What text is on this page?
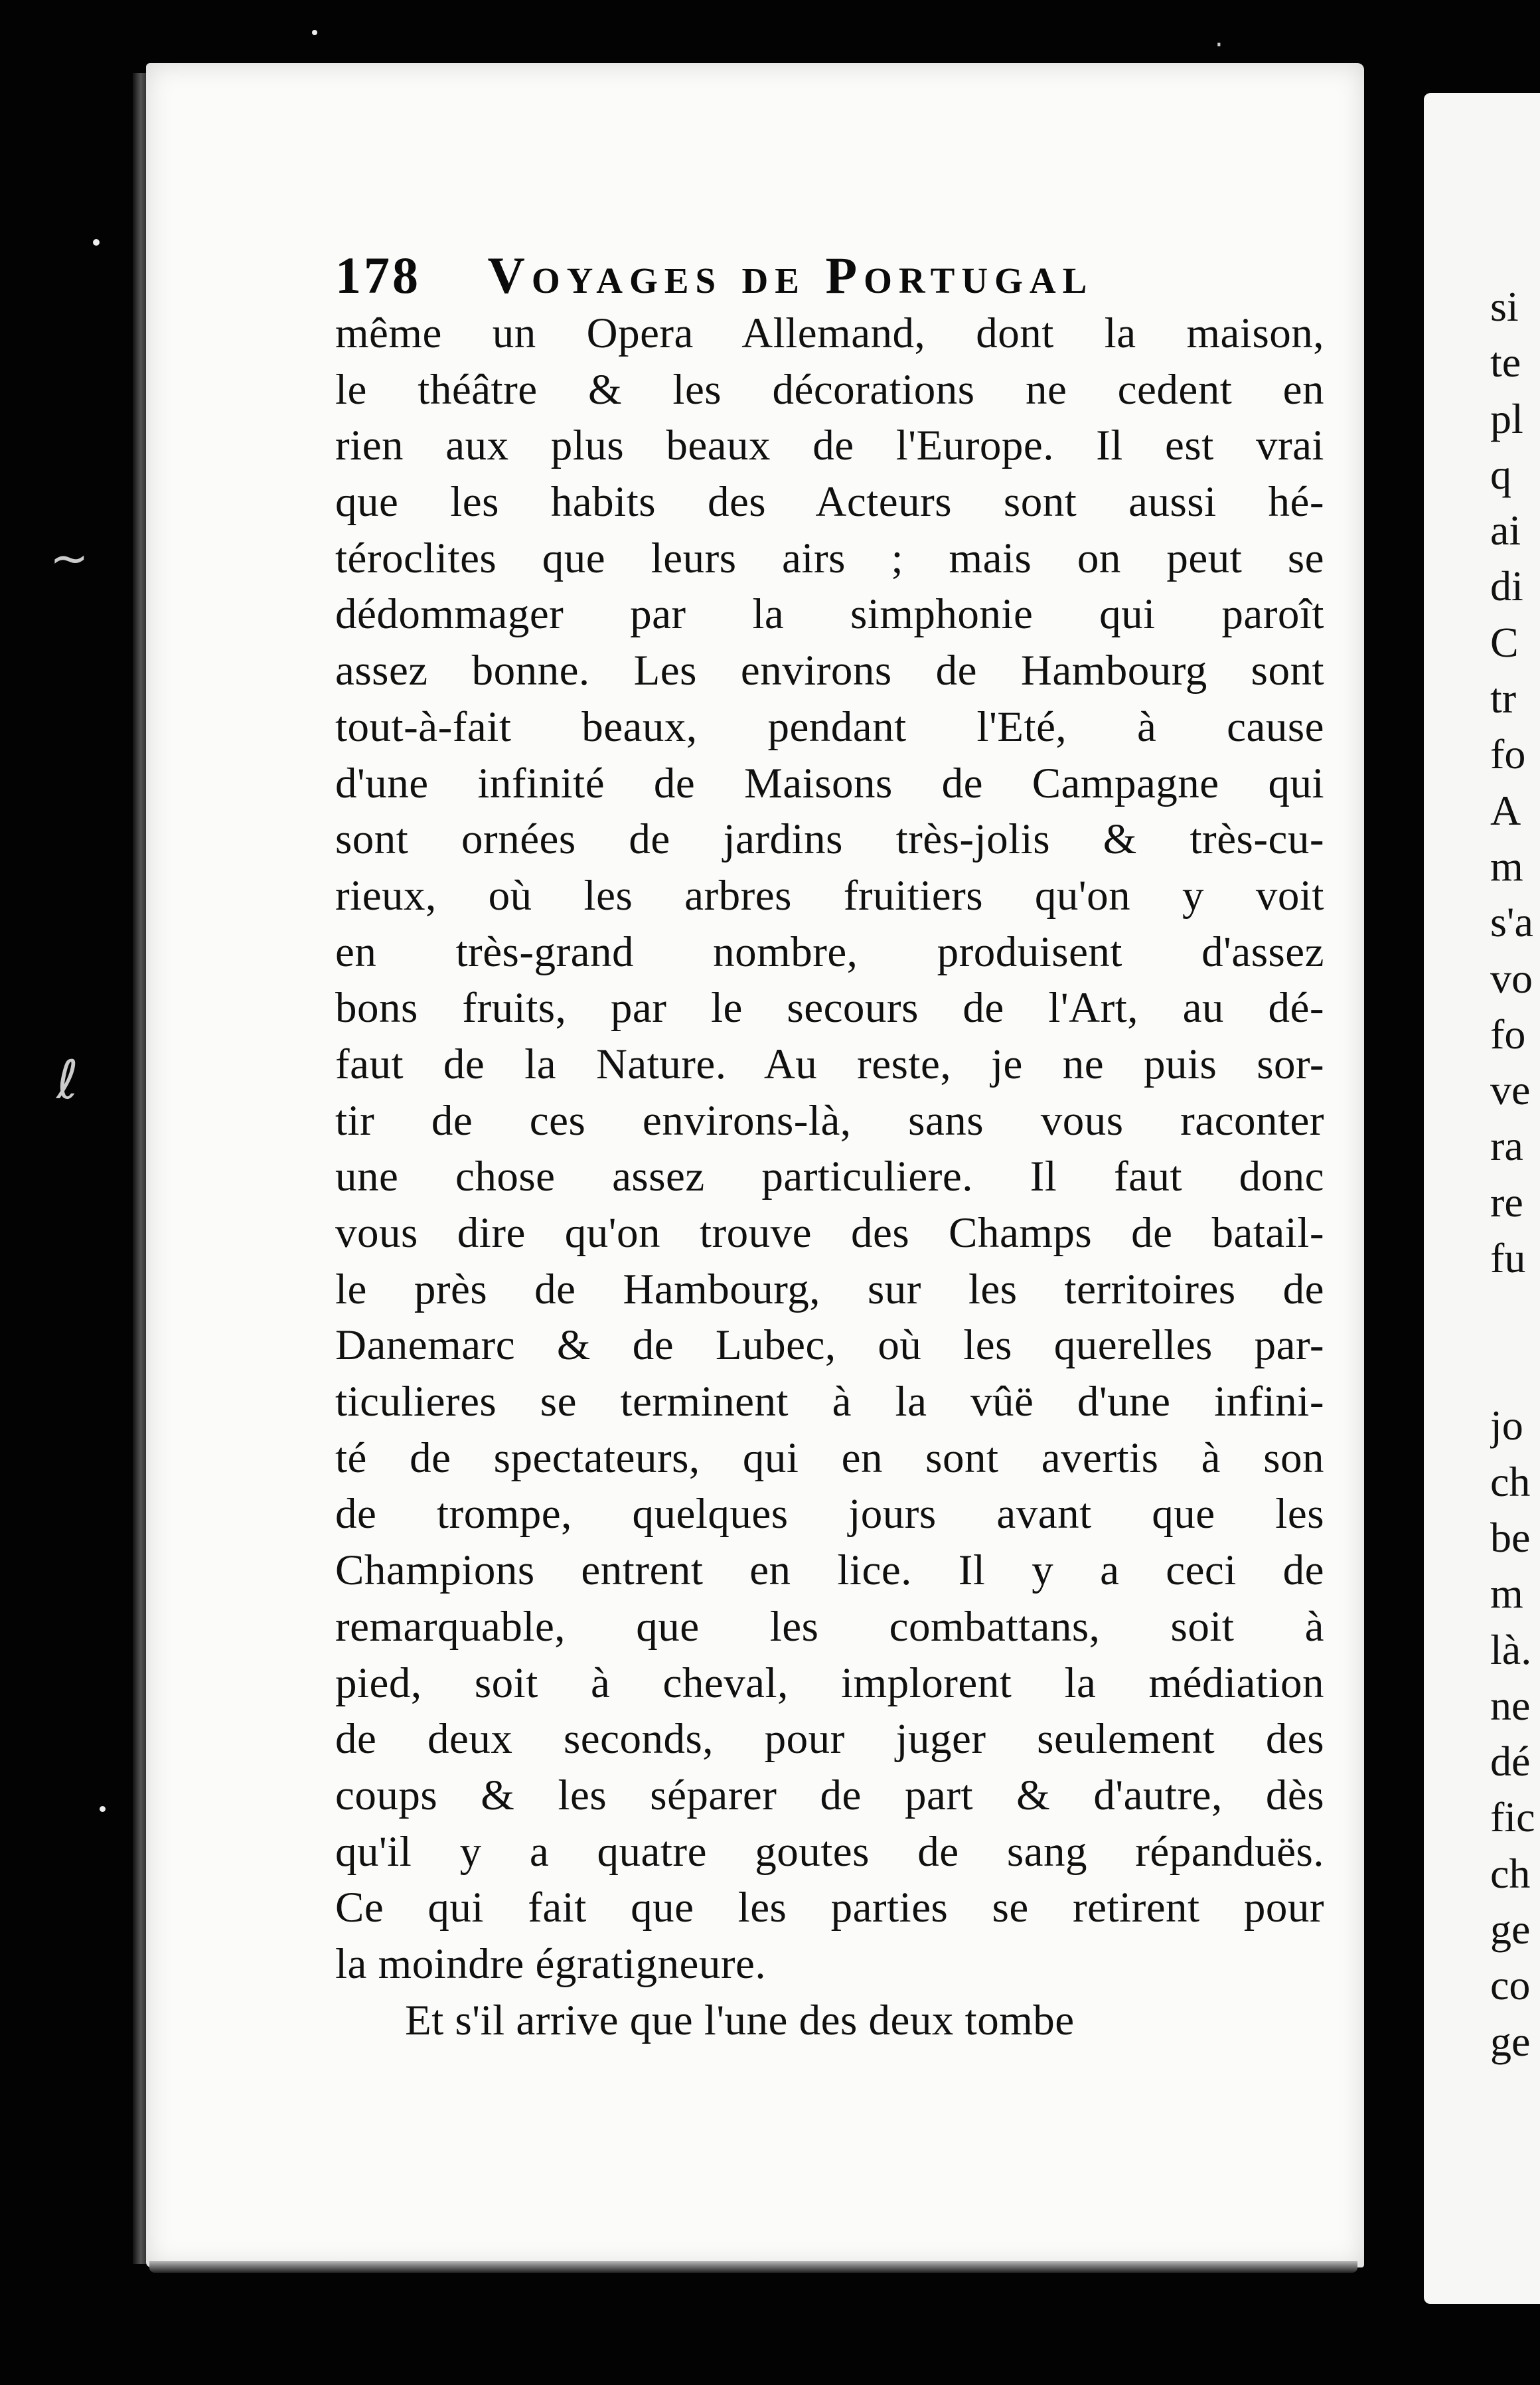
178 Voyages de Portugal
même un Opera Allemand, dont la maison,
le théâtre & les décorations ne cedent en
rien aux plus beaux de l'Europe. Il est vrai
que les habits des Acteurs sont aussi hé-
téroclites que leurs airs ; mais on peut se
dédommager par la simphonie qui paroît
assez bonne. Les environs de Hambourg sont
tout-à-fait beaux, pendant l'Eté, à cause
d'une infinité de Maisons de Campagne qui
sont ornées de jardins très-jolis & très-cu-
rieux, où les arbres fruitiers qu'on y voit
en très-grand nombre, produisent d'assez
bons fruits, par le secours de l'Art, au dé-
faut de la Nature. Au reste, je ne puis sor-
tir de ces environs-là, sans vous raconter
une chose assez particuliere. Il faut donc
vous dire qu'on trouve des Champs de batail-
le près de Hambourg, sur les territoires de
Danemarc & de Lubec, où les querelles par-
ticulieres se terminent à la vûë d'une infini-
té de spectateurs, qui en sont avertis à son
de trompe, quelques jours avant que les
Champions entrent en lice. Il y a ceci de
remarquable, que les combattans, soit à
pied, soit à cheval, implorent la médiation
de deux seconds, pour juger seulement des
coups & les séparer de part & d'autre, dès
qu'il y a quatre goutes de sang répanduës.
Ce qui fait que les parties se retirent pour
la moindre égratigneure.
Et s'il arrive que l'une des deux tombe
si
te
pl
q
ai
di
C
tr
fo
A
m
s'a
vo
fo
ve
ra
re
fu
jo
ch
be
m
là.
ne
dé
fic
ch
ge
co
ge
~
ℓ
·
